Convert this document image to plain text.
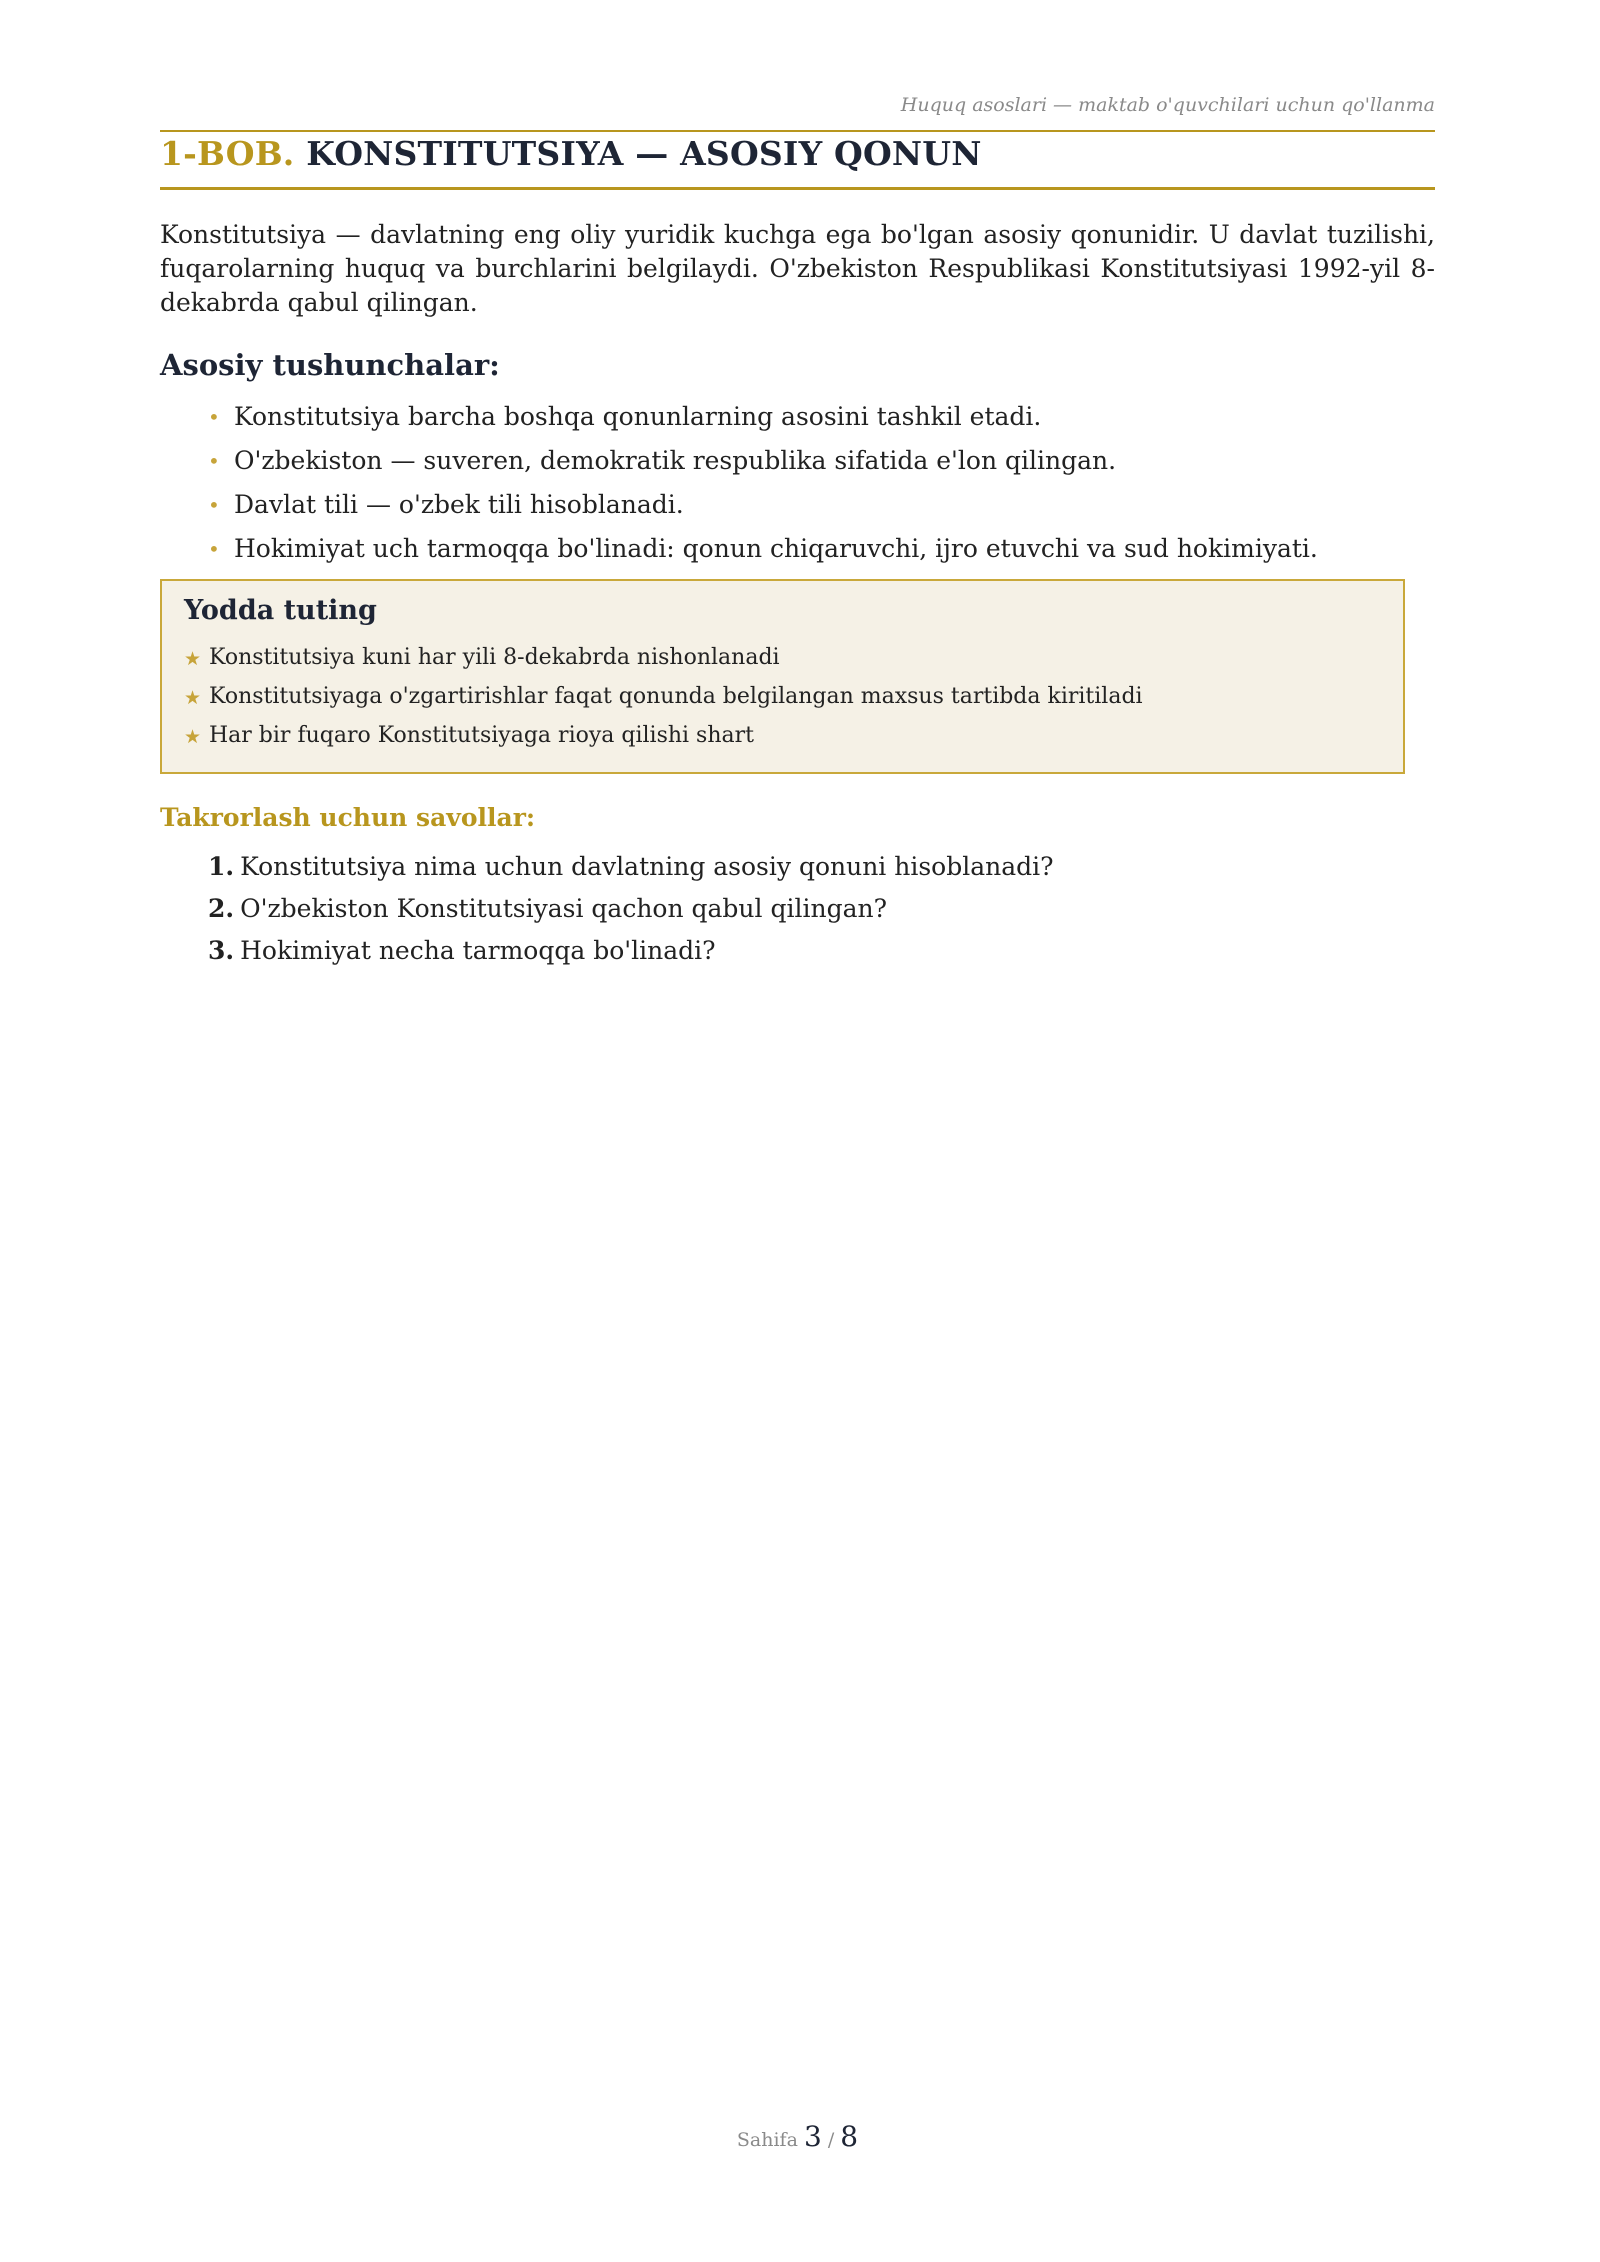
Huquq asoslari — maktab o'quvchilari uchun qo'llanma
1-BOB. KONSTITUTSIYA — ASOSIY QONUN

Konstitutsiya — davlatning eng oliy yuridik kuchga ega bo'lgan asosiy qonunidir. U davlat tuzilishi, fuqarolarning huquq va burchlarini belgilaydi. O'zbekiston Respublikasi Konstitutsiyasi 1992-yil 8-dekabrda qabul qilingan.

Asosiy tushunchalar:
• Konstitutsiya barcha boshqa qonunlarning asosini tashkil etadi.
• O'zbekiston — suveren, demokratik respublika sifatida e'lon qilingan.
• Davlat tili — o'zbek tili hisoblanadi.
• Hokimiyat uch tarmoqqa bo'linadi: qonun chiqaruvchi, ijro etuvchi va sud hokimiyati.
Yodda tuting
★ Konstitutsiya kuni har yili 8-dekabrda nishonlanadi
★ Konstitutsiyaga o'zgartirishlar faqat qonunda belgilangan maxsus tartibda kiritiladi
★ Har bir fuqaro Konstitutsiyaga rioya qilishi shart
Takrorlash uchun savollar:
1. Konstitutsiya nima uchun davlatning asosiy qonuni hisoblanadi?
2. O'zbekiston Konstitutsiyasi qachon qabul qilingan?
3. Hokimiyat necha tarmoqqa bo'linadi?
Sahifa 3 / 8
